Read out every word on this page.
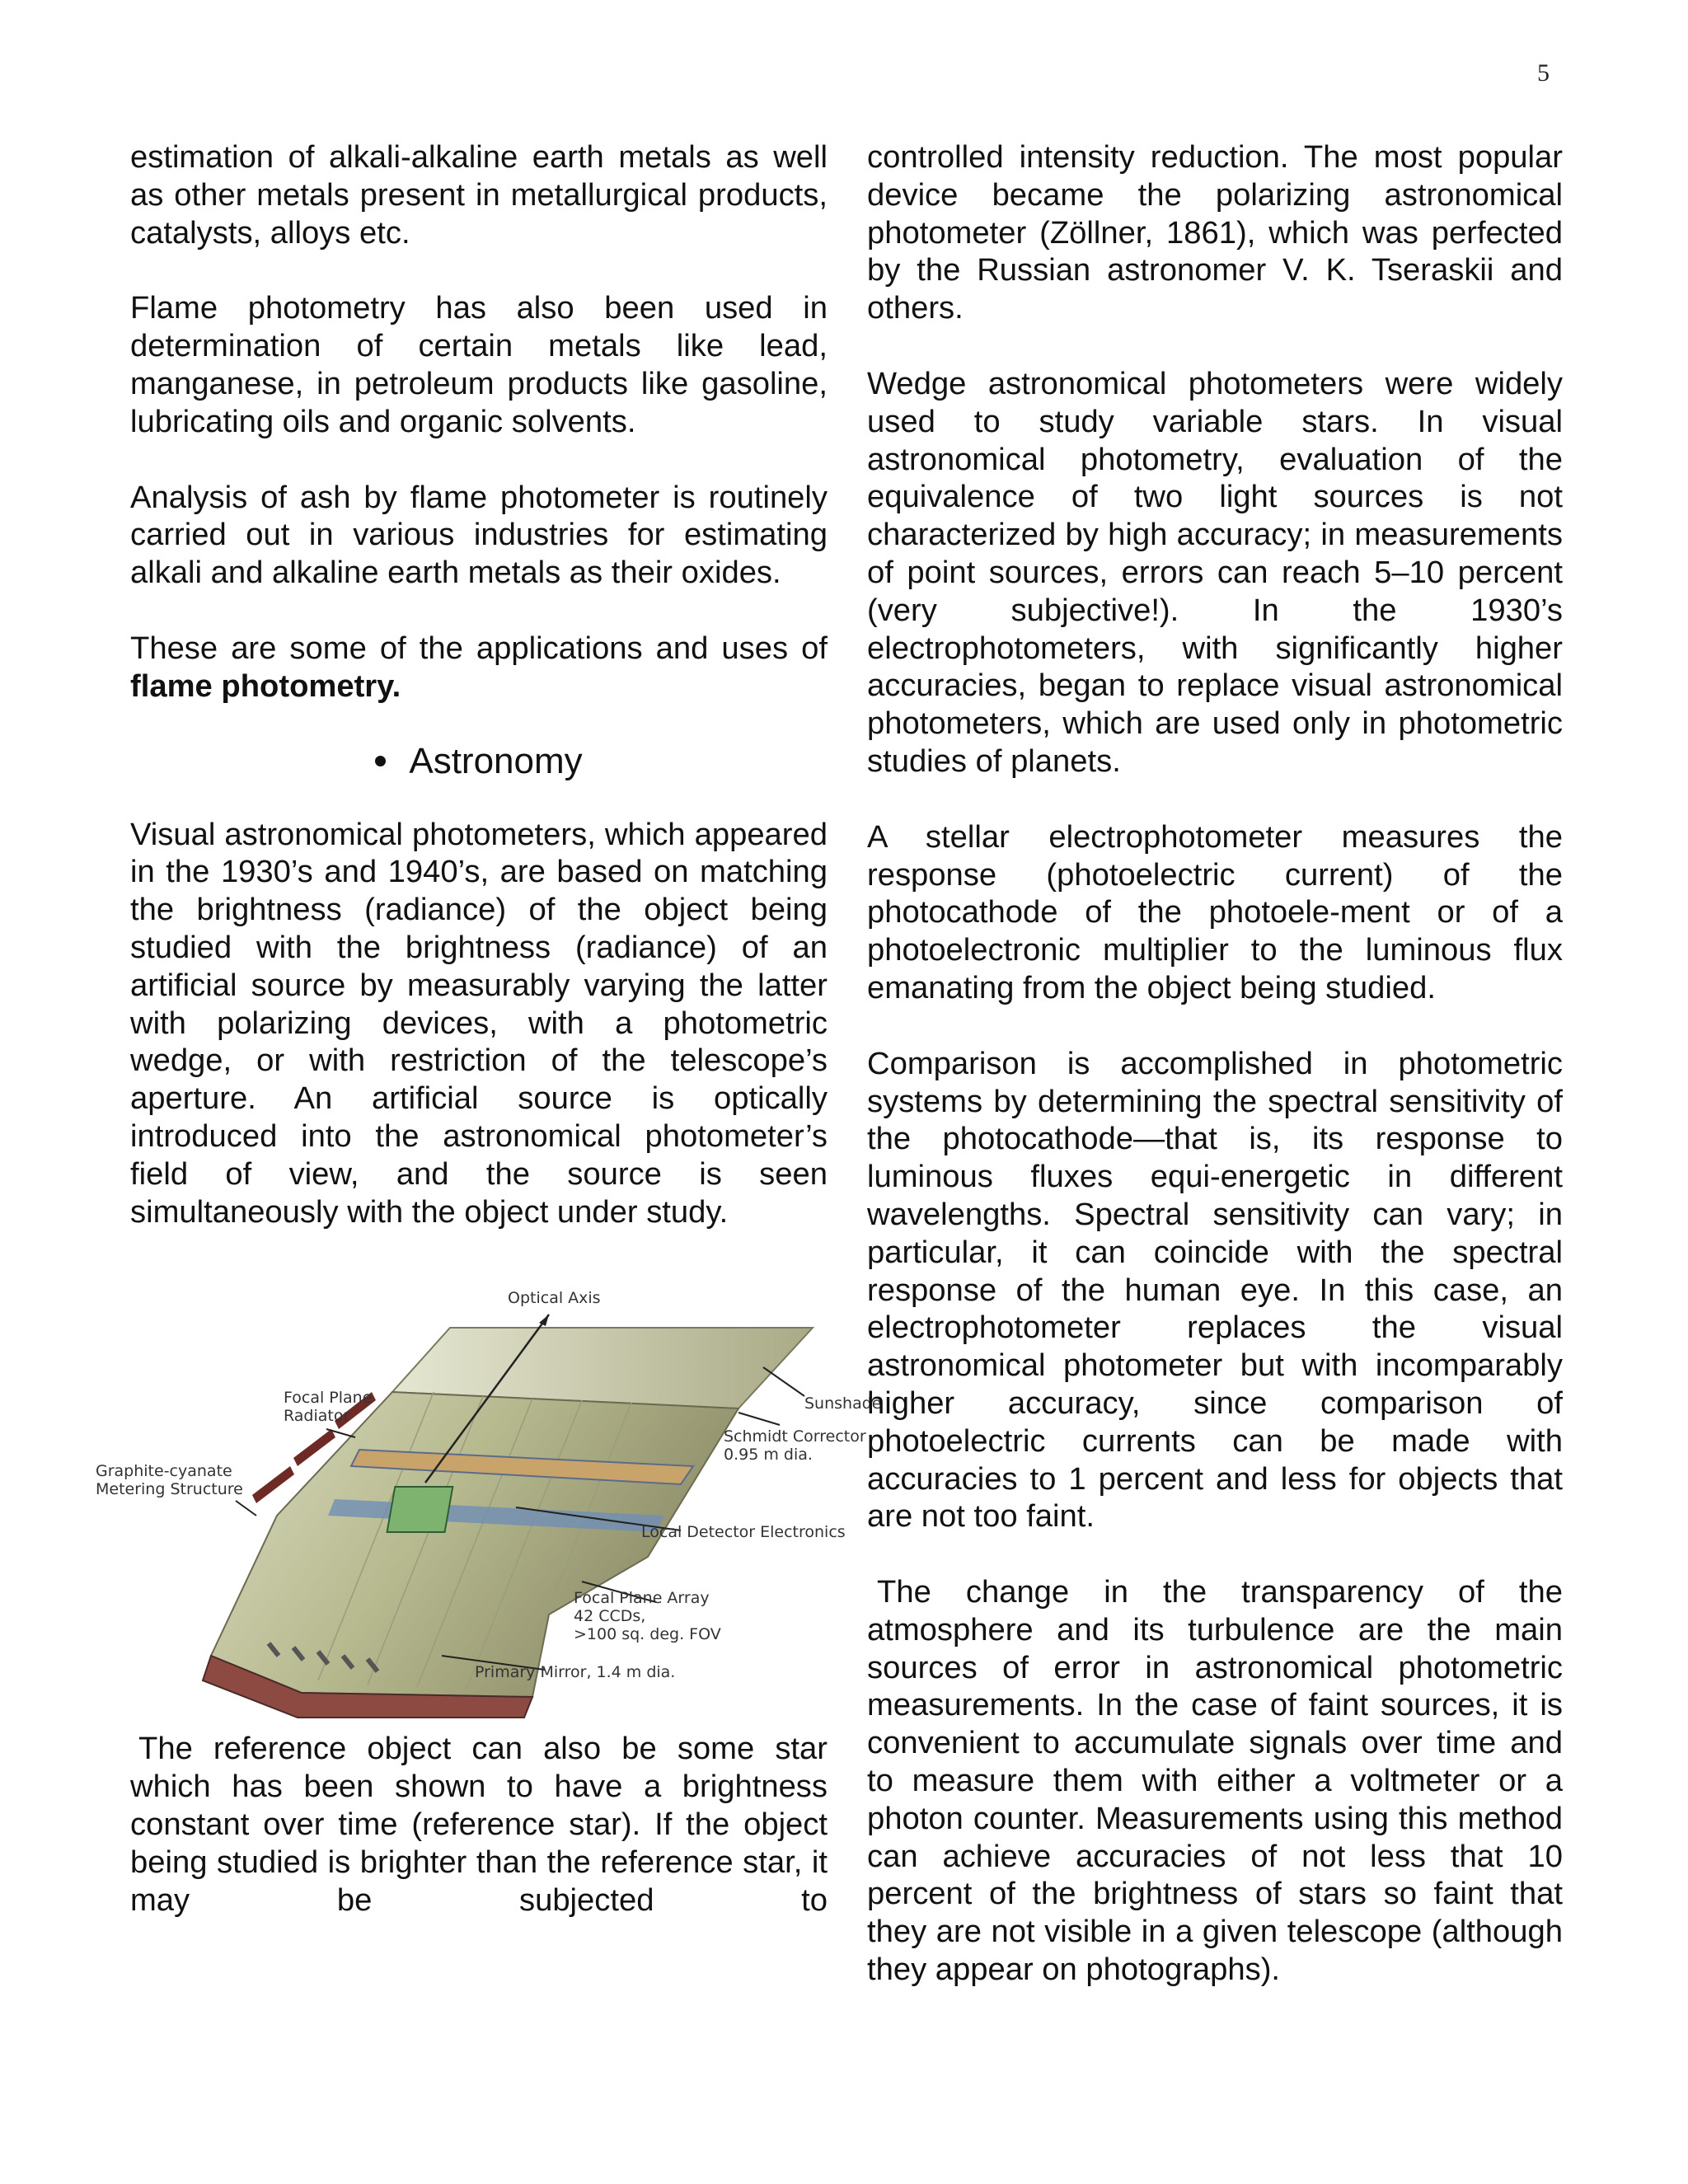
5

estimation of alkali-alkaline earth metals as well as other metals present in metallurgical products, catalysts, alloys etc.

Flame photometry has also been used in determination of certain metals like lead, manganese, in petroleum products like gasoline, lubricating oils and organic solvents.

Analysis of ash by flame photometer is routinely carried out in various industries for estimating alkali and alkaline earth metals as their oxides.

These are some of the applications and uses of flame photometry.

Astronomy

Visual astronomical photometers, which appeared in the 1930’s and 1940’s, are based on matching the brightness (radiance) of the object being studied with the brightness (radiance) of an artificial source by measurably varying the latter with polarizing devices, with a photometric wedge, or with restriction of the telescope’s aperture. An artificial source is optically introduced into the astronomical photometer’s field of view, and the source is seen simultaneously with the object under study.

Optical Axis
Sunshade
Focal Plane
Radiator
Schmidt Corrector
0.95 m dia.
Graphite-cyanate
Metering Structure
Local Detector Electronics
Focal Plane Array
42 CCDs,
>100 sq. deg. FOV
Primary Mirror, 1.4 m dia.

The reference object can also be some star which has been shown to have a brightness constant over time (reference star). If the object being studied is brighter than the reference star, it may be subjected to

controlled intensity reduction. The most popular device became the polarizing astronomical photometer (Zöllner, 1861), which was perfected by the Russian astronomer V. K. Tseraskii and others.

Wedge astronomical photometers were widely used to study variable stars. In visual astronomical photometry, evaluation of the equivalence of two light sources is not characterized by high accuracy; in measurements of point sources, errors can reach 5–10 percent (very subjective!). In the 1930’s electrophotometers, with significantly higher accuracies, began to replace visual astronomical photometers, which are used only in photometric studies of planets.

A stellar electrophotometer measures the response (photoelectric current) of the photocathode of the photoele-ment or of a photoelectronic multiplier to the luminous flux emanating from the object being studied.

Comparison is accomplished in photometric systems by determining the spectral sensitivity of the photocathode—that is, its response to luminous fluxes equi-energetic in different wavelengths. Spectral sensitivity can vary; in particular, it can coincide with the spectral response of the human eye. In this case, an electrophotometer replaces the visual astronomical photometer but with incomparably higher accuracy, since comparison of photoelectric currents can be made with accuracies to 1 percent and less for objects that are not too faint.

The change in the transparency of the atmosphere and its turbulence are the main sources of error in astronomical photometric measurements. In the case of faint sources, it is convenient to accumulate signals over time and to measure them with either a voltmeter or a photon counter. Measurements using this method can achieve accuracies of not less that 10 percent of the brightness of stars so faint that they are not visible in a given telescope (although they appear on photographs).
